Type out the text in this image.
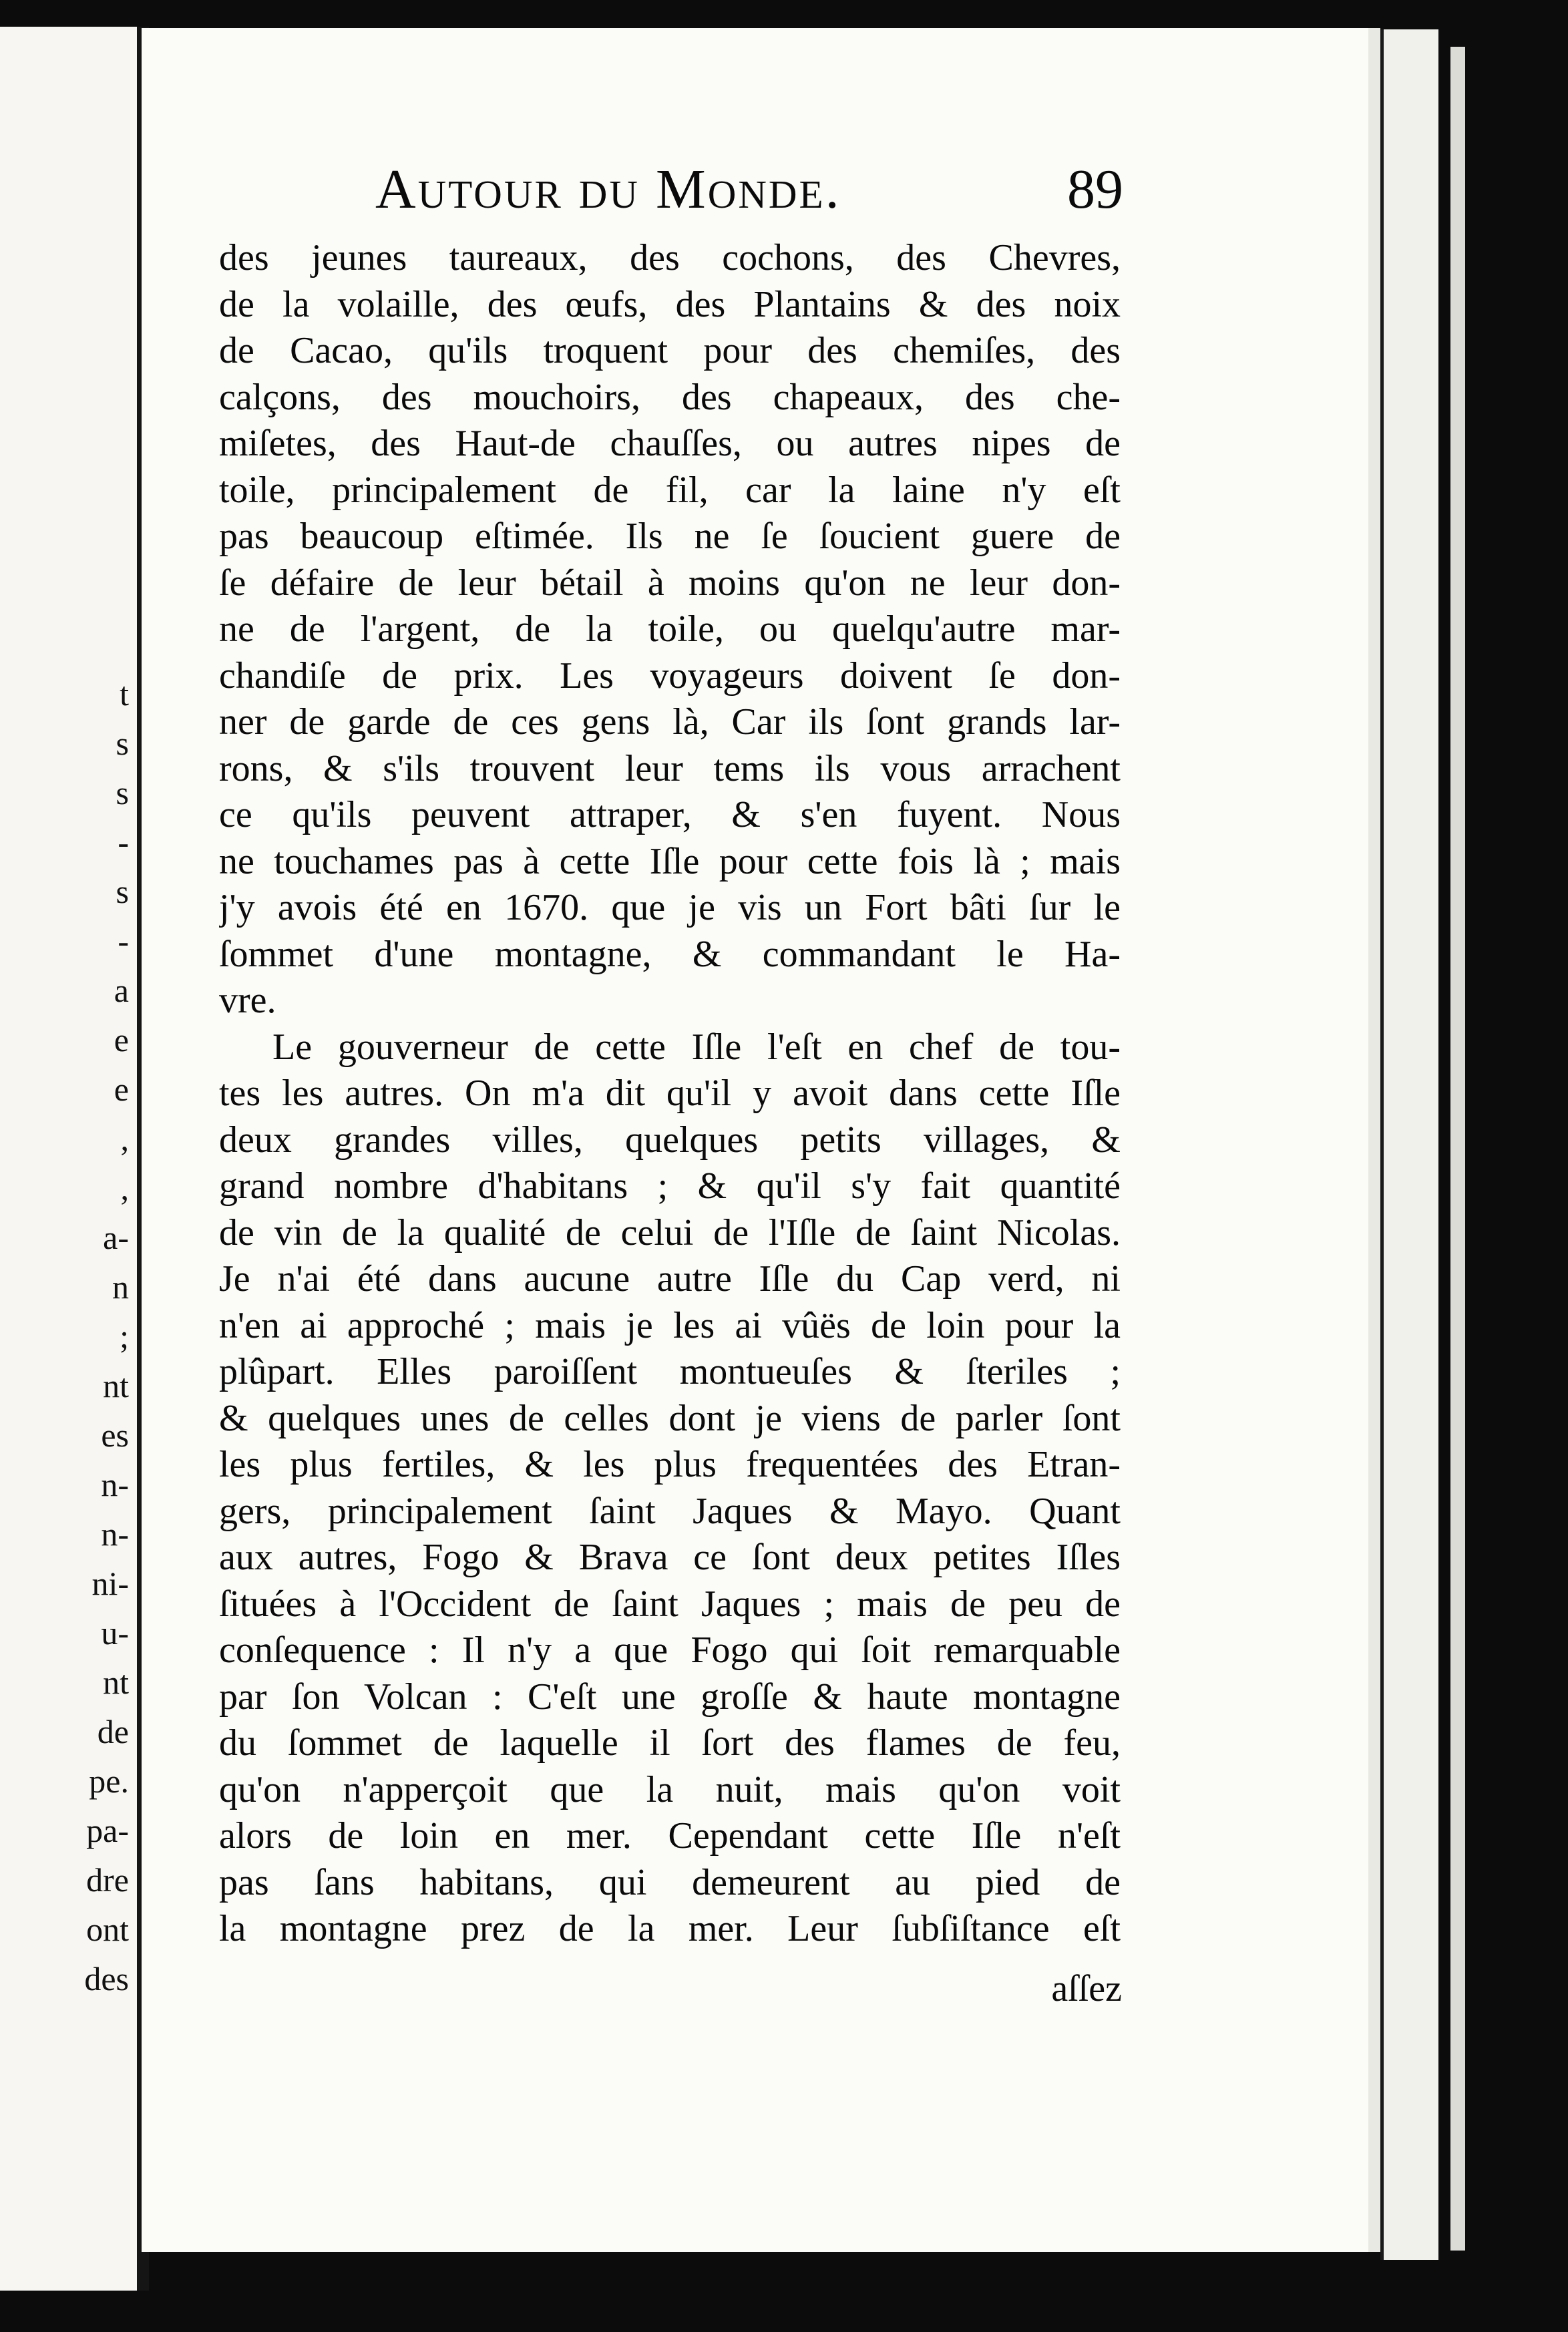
t
s
s
-
s
-
a
e
e
,
,
a-
n
;
nt
es
n-
n-
ni-
u-
nt
de
pe.
pa-
dre
ont
des
Autour du Monde.	89
des jeunes taureaux, des cochons, des Chevres,
de la volaille, des œufs, des Plantains & des noix
de Cacao, qu'ils troquent pour des chemiſes, des
calçons, des mouchoirs, des chapeaux, des che-
miſetes, des Haut-de chauſſes, ou autres nipes de
toile, principalement de fil, car la laine n'y eſt
pas beaucoup eſtimée. Ils ne ſe ſoucient guere de
ſe défaire de leur bétail à moins qu'on ne leur don-
ne de l'argent, de la toile, ou quelqu'autre mar-
chandiſe de prix. Les voyageurs doivent ſe don-
ner de garde de ces gens là, Car ils ſont grands lar-
rons, & s'ils trouvent leur tems ils vous arrachent
ce qu'ils peuvent attraper, & s'en fuyent. Nous
ne touchames pas à cette Iſle pour cette fois là ; mais
j'y avois été en 1670. que je vis un Fort bâti ſur le
ſommet d'une montagne, & commandant le Ha-
vre.
Le gouverneur de cette Iſle l'eſt en chef de tou-
tes les autres. On m'a dit qu'il y avoit dans cette Iſle
deux grandes villes, quelques petits villages, &
grand nombre d'habitans ; & qu'il s'y fait quantité
de vin de la qualité de celui de l'Iſle de ſaint Nicolas.
Je n'ai été dans aucune autre Iſle du Cap verd, ni
n'en ai approché ; mais je les ai vûës de loin pour la
plûpart. Elles paroiſſent montueuſes & ſteriles ;
& quelques unes de celles dont je viens de parler ſont
les plus fertiles, & les plus frequentées des Etran-
gers, principalement ſaint Jaques & Mayo. Quant
aux autres, Fogo & Brava ce ſont deux petites Iſles
ſituées à l'Occident de ſaint Jaques ; mais de peu de
conſequence : Il n'y a que Fogo qui ſoit remarquable
par ſon Volcan : C'eſt une groſſe & haute montagne
du ſommet de laquelle il ſort des flames de feu,
qu'on n'apperçoit que la nuit, mais qu'on voit
alors de loin en mer. Cependant cette Iſle n'eſt
pas ſans habitans, qui demeurent au pied de
la montagne prez de la mer. Leur ſubſiſtance eſt
aſſez
